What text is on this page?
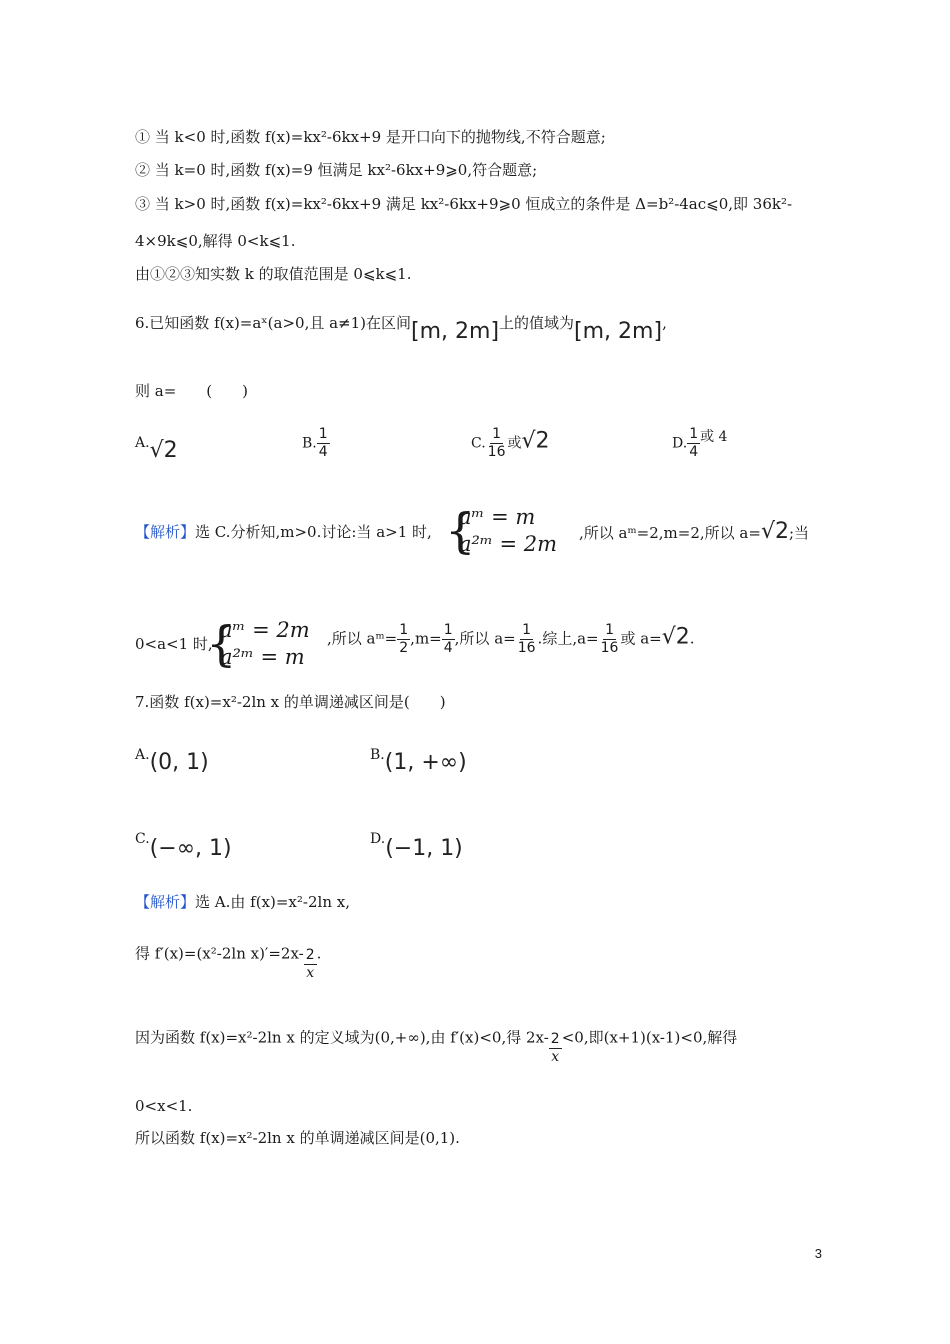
① 当 k<0 时,函数 f(x)=kx²-6kx+9 是开口向下的抛物线,不符合题意;
② 当 k=0 时,函数 f(x)=9 恒满足 kx²-6kx+9⩾0,符合题意;
③ 当 k>0 时,函数 f(x)=kx²-6kx+9 满足 kx²-6kx+9⩾0 恒成立的条件是 Δ=b²-4ac⩽0,即 36k²-
4×9k⩽0,解得 0<k⩽1.
由①②③知实数 k 的取值范围是 0⩽k⩽1.
6.已知函数 f(x)=aˣ(a>0,且 a≠1)在区间[m, 2m]上的值域为[m, 2m],
则 a=　　(　　)
A.√2	B. $\frac{1}{4}$	C. $\frac{1}{16}$ 或√2	D. $\frac{1}{4}$ 或 4
【解析】选 C.分析知,m>0.讨论:当 a>1 时, {
aᵐ = m
a²ᵐ = 2m ,所以 aᵐ=2,m=2,所以 a=√2;当
0<a<1 时,
{
aᵐ = 2m
a²ᵐ = m
,所以 aᵐ= $\frac{1}{2} ,m= \frac{1}{4}$ ,所以 $a= \frac{1}{16}$ .综上$,a= \frac{1}{16}$ 或 a=√2.
7.函数 f(x)=x²-2ln x 的单调递减区间是(　　)
A.(0, 1)	B.(1, +∞)
C.(−∞, 1)	D.(−1, 1)
【解析】选 A.由 f(x)=x²-2ln x,
得 f′(x)=(x²-2ln $x)'=2x- \frac{2}{x}$ .
因为函数 f(x)=x²-2ln x 的定义域为(0,+∞),由 f′(x)<0,得 $2x- \frac{2}{x} <0$,即(x+1)(x-1)<0,解得
0<x<1.
所以函数 f(x)=x²-2ln x 的单调递减区间是(0,1).
3
